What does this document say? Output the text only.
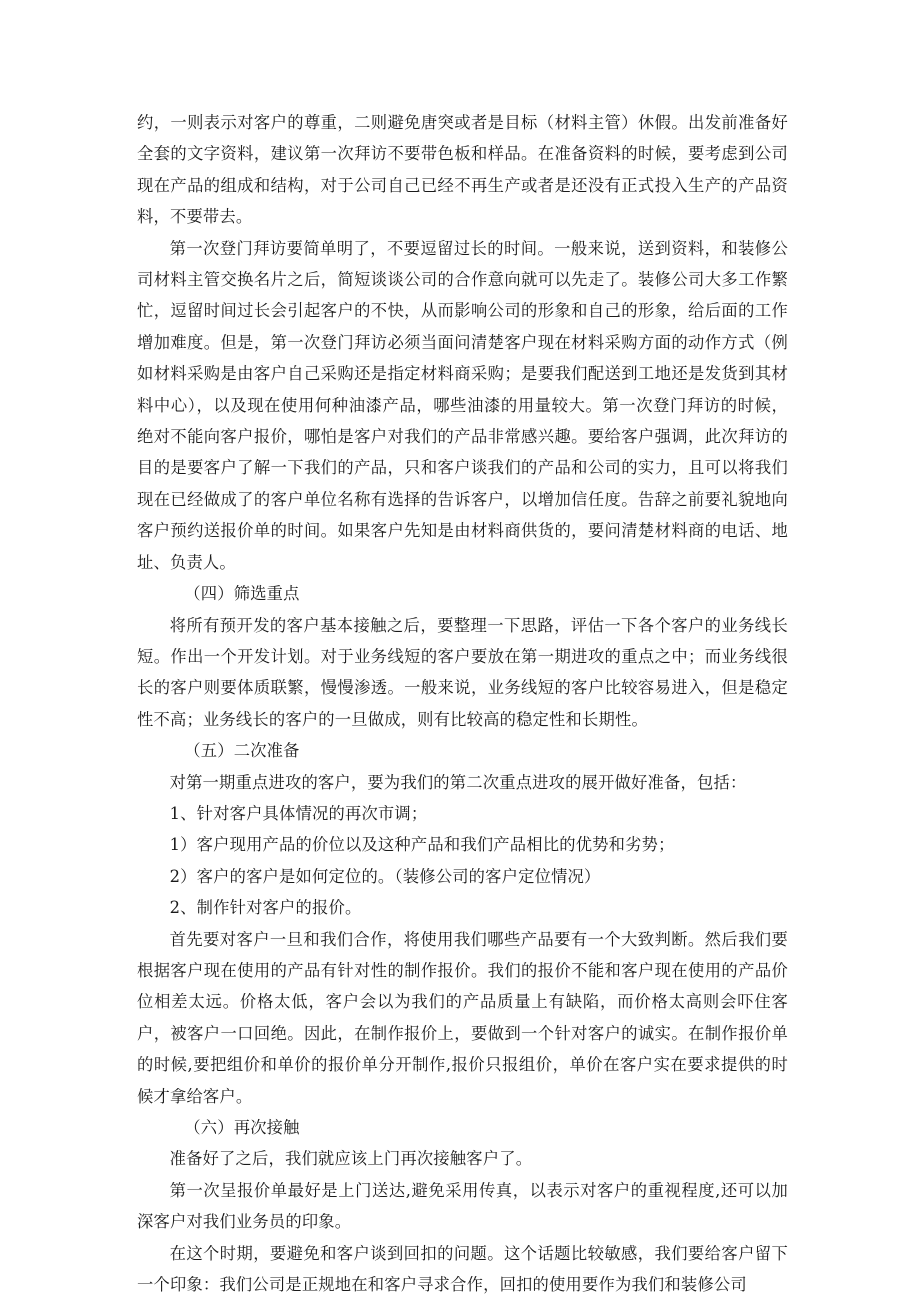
约，一则表示对客户的尊重，二则避免唐突或者是目标（材料主管）休假。出发前准备好全套的文字资料，建议第一次拜访不要带色板和样品。在准备资料的时候，要考虑到公司现在产品的组成和结构，对于公司自己已经不再生产或者是还没有正式投入生产的产品资料，不要带去。

第一次登门拜访要简单明了，不要逗留过长的时间。一般来说，送到资料，和装修公司材料主管交换名片之后，简短谈谈公司的合作意向就可以先走了。装修公司大多工作繁忙，逗留时间过长会引起客户的不快，从而影响公司的形象和自己的形象，给后面的工作增加难度。但是，第一次登门拜访必须当面问清楚客户现在材料采购方面的动作方式（例如材料采购是由客户自己采购还是指定材料商采购；是要我们配送到工地还是发货到其材料中心），以及现在使用何种油漆产品，哪些油漆的用量较大。第一次登门拜访的时候，绝对不能向客户报价，哪怕是客户对我们的产品非常感兴趣。要给客户强调，此次拜访的目的是要客户了解一下我们的产品，只和客户谈我们的产品和公司的实力，且可以将我们现在已经做成了的客户单位名称有选择的告诉客户，以增加信任度。告辞之前要礼貌地向客户预约送报价单的时间。如果客户先知是由材料商供货的，要问清楚材料商的电话、地址、负责人。

（四）筛选重点

将所有预开发的客户基本接触之后，要整理一下思路，评估一下各个客户的业务线长短。作出一个开发计划。对于业务线短的客户要放在第一期进攻的重点之中；而业务线很长的客户则要体质联繁，慢慢渗透。一般来说，业务线短的客户比较容易进入，但是稳定性不高；业务线长的客户的一旦做成，则有比较高的稳定性和长期性。

（五）二次准备

对第一期重点进攻的客户，要为我们的第二次重点进攻的展开做好准备，包括：

1、针对客户具体情况的再次市调；

1）客户现用产品的价位以及这种产品和我们产品相比的优势和劣势；

2）客户的客户是如何定位的。（装修公司的客户定位情况）

2、制作针对客户的报价。

首先要对客户一旦和我们合作，将使用我们哪些产品要有一个大致判断。然后我们要根据客户现在使用的产品有针对性的制作报价。我们的报价不能和客户现在使用的产品价位相差太远。价格太低，客户会以为我们的产品质量上有缺陷，而价格太高则会吓住客户，被客户一口回绝。因此，在制作报价上，要做到一个针对客户的诚实。在制作报价单的时候,要把组价和单价的报价单分开制作,报价只报组价，单价在客户实在要求提供的时候才拿给客户。

（六）再次接触

准备好了之后，我们就应该上门再次接触客户了。

第一次呈报价单最好是上门送达,避免采用传真，以表示对客户的重视程度,还可以加深客户对我们业务员的印象。

在这个时期，要避免和客户谈到回扣的问题。这个话题比较敏感，我们要给客户留下一个印象：我们公司是正规地在和客户寻求合作，回扣的使用要作为我们和装修公司
